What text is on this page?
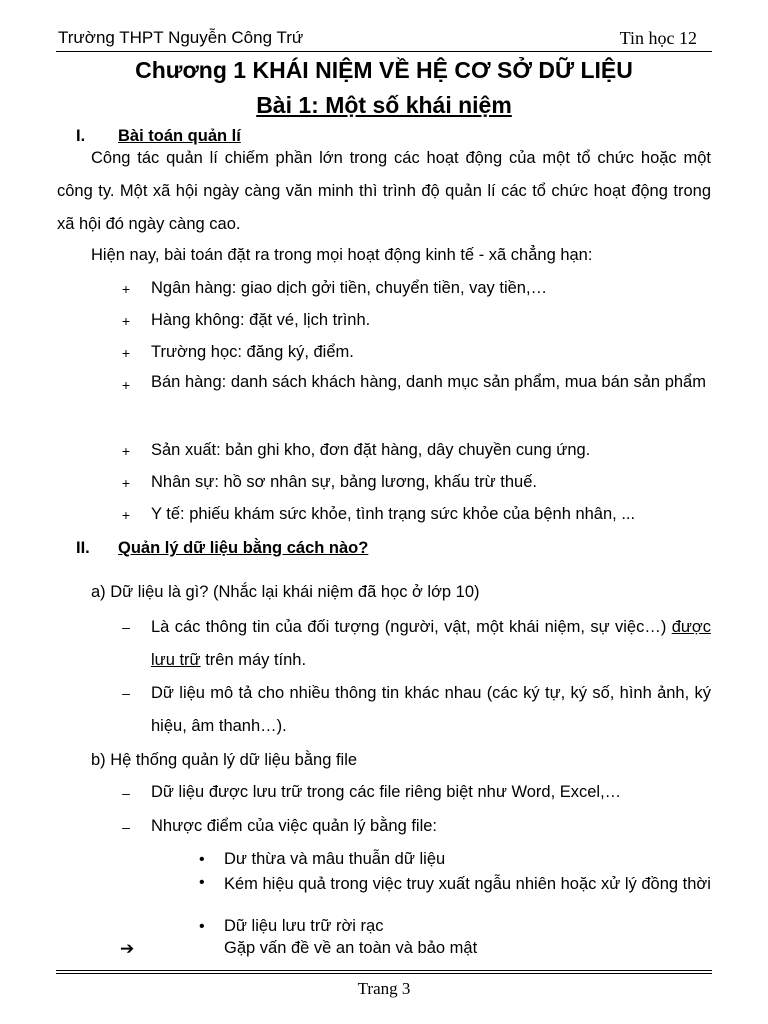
Trường THPT Nguyễn Công Trứ	Tin học 12
Chương 1 KHÁI NIỆM VỀ HỆ CƠ SỞ DỮ LIỆU
Bài 1: Một số khái niệm
I. Bài toán quản lí
Công tác quản lí chiếm phần lớn trong các hoạt động của một tổ chức hoặc một công ty. Một xã hội ngày càng văn minh thì trình độ quản lí các tổ chức hoạt động trong xã hội đó ngày càng cao.
Hiện nay, bài toán đặt ra trong mọi hoạt động kinh tế - xã chẳng hạn:
+ Ngân hàng: giao dịch gởi tiền, chuyển tiền, vay tiền,…
+ Hàng không: đặt vé, lịch trình.
+ Trường học: đăng ký, điểm.
+ Bán hàng: danh sách khách hàng, danh mục sản phẩm, mua bán sản phẩm
+ Sản xuất: bản ghi kho, đơn đặt hàng, dây chuyền cung ứng.
+ Nhân sự: hồ sơ nhân sự, bảng lương, khấu trừ thuế.
+ Y tế: phiếu khám sức khỏe, tình trạng sức khỏe của bệnh nhân, ...
II. Quản lý dữ liệu bằng cách nào?
a) Dữ liệu là gì? (Nhắc lại khái niệm đã học ở lớp 10)
– Là các thông tin của đối tượng (người, vật, một khái niệm, sự việc…) được lưu trữ trên máy tính.
– Dữ liệu mô tả cho nhiều thông tin khác nhau (các ký tự, ký số, hình ảnh, ký hiệu, âm thanh…).
b) Hệ thống quản lý dữ liệu bằng file
– Dữ liệu được lưu trữ trong các file riêng biệt như Word, Excel,…
– Nhược điểm của việc quản lý bằng file:
• Dư thừa và mâu thuẫn dữ liệu
• Kém hiệu quả trong việc truy xuất ngẫu nhiên hoặc xử lý đồng thời
• Dữ liệu lưu trữ rời rạc
➔	Gặp vấn đề về an toàn và bảo mật
Trang 3
